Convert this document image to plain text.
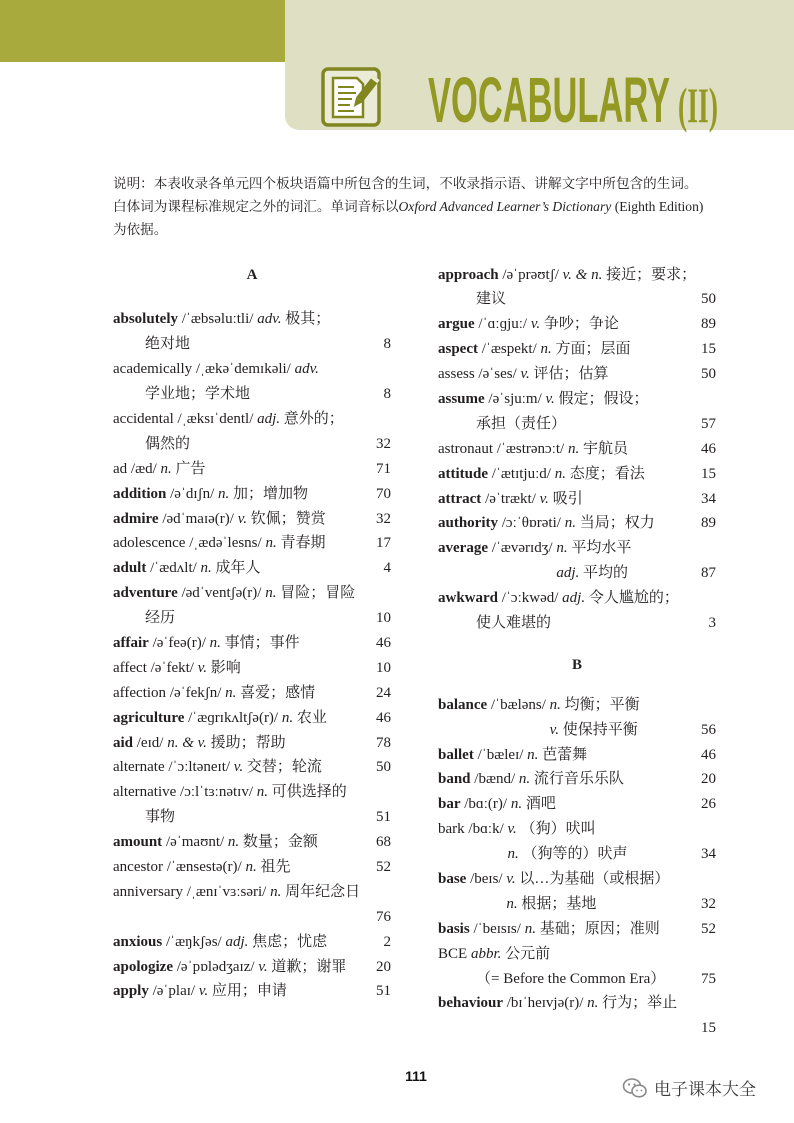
VOCABULARY (II)
说明：本表收录各单元四个板块语篇中所包含的生词，不收录指示语、讲解文字中所包含的生词。
白体词为课程标准规定之外的词汇。单词音标以Oxford Advanced Learner’s Dictionary (Eighth Edition)
为依据。
A
absolutely /ˈæbsəluːtli/ adv. 极其；
绝对地	8
academically /ˌækəˈdemɪkəli/ adv.
学业地；学术地	8
accidental /ˌæksɪˈdentl/ adj. 意外的；
偶然的	32
ad /æd/ n. 广告	71
addition /əˈdɪʃn/ n. 加；增加物	70
admire /ədˈmaɪə(r)/ v. 钦佩；赞赏	32
adolescence /ˌædəˈlesns/ n. 青春期	17
adult /ˈædʌlt/ n. 成年人	4
adventure /ədˈventʃə(r)/ n. 冒险；冒险
经历	10
affair /əˈfeə(r)/ n. 事情；事件	46
affect /əˈfekt/ v. 影响	10
affection /əˈfekʃn/ n. 喜爱；感情	24
agriculture /ˈæɡrɪkʌltʃə(r)/ n. 农业	46
aid /eɪd/ n. & v. 援助；帮助	78
alternate /ˈɔːltəneɪt/ v. 交替；轮流	50
alternative /ɔːlˈtɜːnətɪv/ n. 可供选择的
事物	51
amount /əˈmaʊnt/ n. 数量；金额	68
ancestor /ˈænsestə(r)/ n. 祖先	52
anniversary /ˌænɪˈvɜːsəri/ n. 周年纪念日
76
anxious /ˈæŋkʃəs/ adj. 焦虑；忧虑	2
apologize /əˈpɒlədʒaɪz/ v. 道歉；谢罪	20
apply /əˈplaɪ/ v. 应用；申请	51
approach /əˈprəʊtʃ/ v. & n. 接近；要求；
建议	50
argue /ˈɑːɡjuː/ v. 争吵；争论	89
aspect /ˈæspekt/ n. 方面；层面	15
assess /əˈses/ v. 评估；估算	50
assume /əˈsjuːm/ v. 假定；假设；
承担（责任）	57
astronaut /ˈæstrənɔːt/ n. 宇航员	46
attitude /ˈætɪtjuːd/ n. 态度；看法	15
attract /əˈtrækt/ v. 吸引	34
authority /ɔːˈθɒrəti/ n. 当局；权力	89
average /ˈævərɪdʒ/ n. 平均水平
adj. 平均的	87
awkward /ˈɔːkwəd/ adj. 令人尴尬的；
使人难堪的	3
B
balance /ˈbæləns/ n. 均衡；平衡
v. 使保持平衡	56
ballet /ˈbæleɪ/ n. 芭蕾舞	46
band /bænd/ n. 流行音乐乐队	20
bar /bɑː(r)/ n. 酒吧	26
bark /bɑːk/ v. （狗）吠叫
n. （狗等的）吠声	34
base /beɪs/ v. 以…为基础（或根据）
n. 根据；基地	32
basis /ˈbeɪsɪs/ n. 基础；原因；准则	52
BCE abbr. 公元前
（= Before the Common Era）	75
behaviour /bɪˈheɪvjə(r)/ n. 行为；举止
15
111
电子课本大全
